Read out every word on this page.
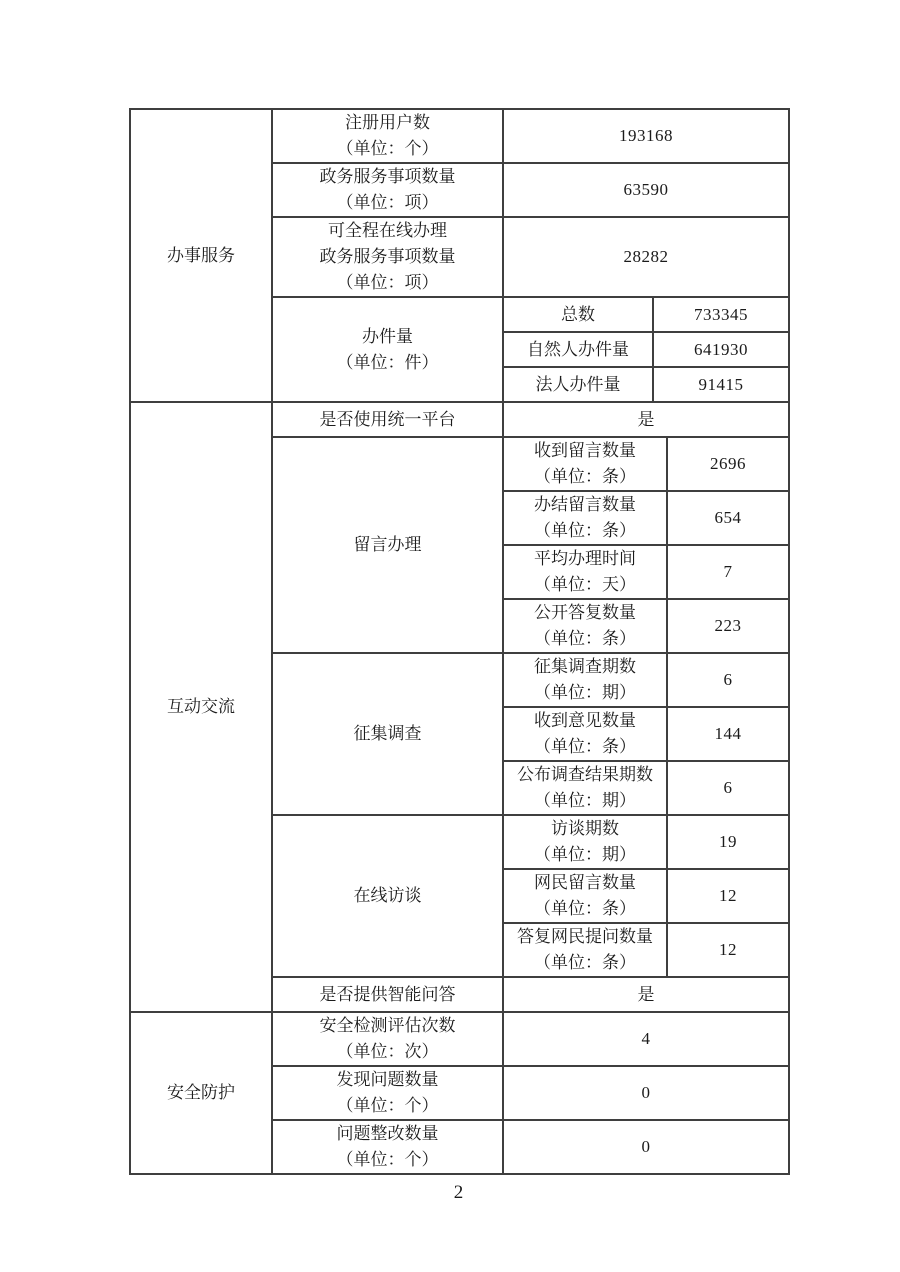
办事服务	注册用户数
（单位：个）	193168		

	政务服务事项数量
（单位：项）	63590		

	可全程在线办理
政务服务事项数量
（单位：项）	28282		

	办件量
（单位：件）	总数	733345	
		自然人办件量	641930	
		法人办件量	91415	
互动交流	是否使用统一平台	是		
	留言办理	收到留言数量
（单位：条）		2696

		办结留言数量
（单位：条）		654

		平均办理时间
（单位：天）		7

		公开答复数量
（单位：条）		223
	征集调查	征集调查期数
（单位：期）		6

		收到意见数量
（单位：条）		144

		公布调查结果期数
（单位：期）		6
	在线访谈	访谈期数
（单位：期）		19

		网民留言数量
（单位：条）		12

		答复网民提问数量
（单位：条）		12
	是否提供智能问答	是		
安全防护	安全检测评估次数
（单位：次）	4		

	发现问题数量
（单位：个）	0		

	问题整改数量
（单位：个）	0		
2
